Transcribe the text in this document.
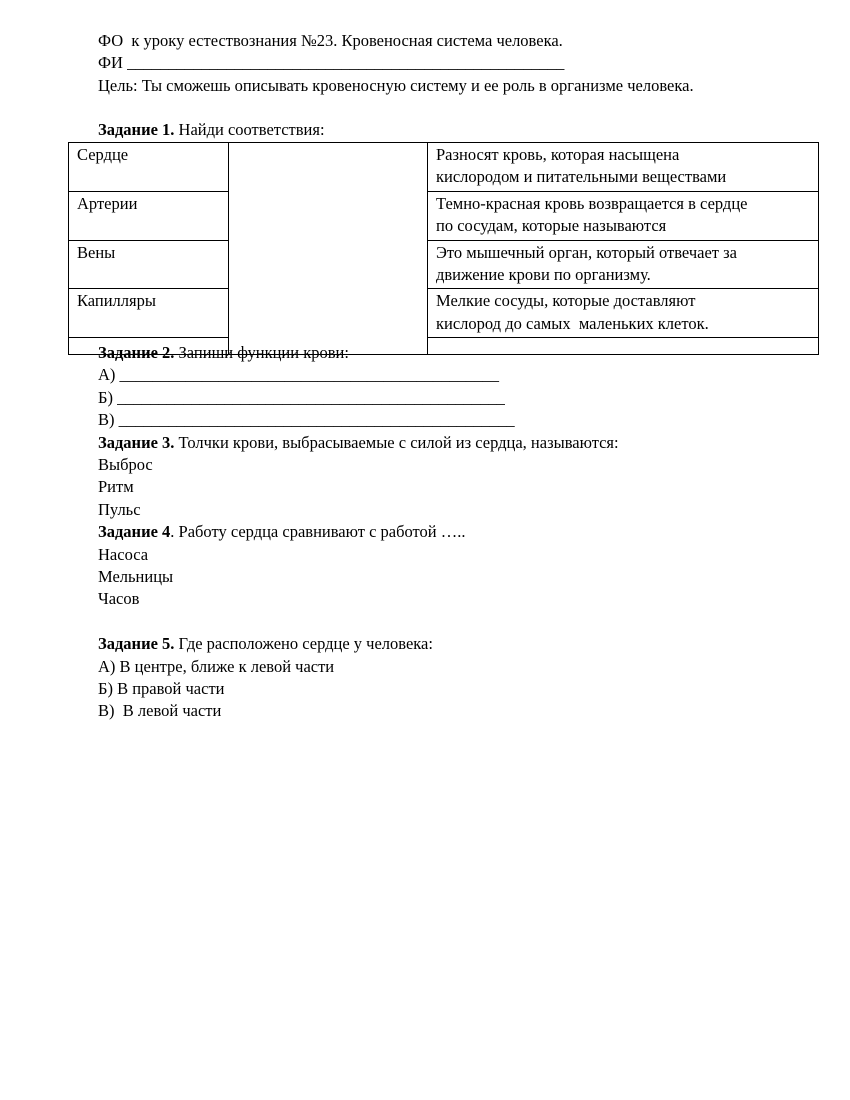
ФО  к уроку естествознания №23. Кровеносная система человека.
ФИ _____________________________________________________
Цель: Ты сможешь описывать кровеносную систему и ее роль в организме человека.
Задание 1. Найди соответствия:
Сердце		Разносят кровь, которая насыщена
кислородом и питательными веществами

Артерии		Темно-красная кровь возвращается в сердце
по сосудам, которые называются

Вены		Это мышечный орган, который отвечает за
движение крови по организму.

Капилляры		Мелкие сосуды, которые доставляют
кислород до самых  маленьких клеток.

Задание 2. Запиши функции крови:
А) ______________________________________________
Б) _______________________________________________
В) ________________________________________________
Задание 3. Толчки крови, выбрасываемые с силой из сердца, называются:
Выброс
Ритм
Пульс
Задание 4. Работу сердца сравнивают с работой …..
Насоса
Мельницы
Часов
Задание 5. Где расположено сердце у человека:
А) В центре, ближе к левой части
Б) В правой части
В)  В левой части
